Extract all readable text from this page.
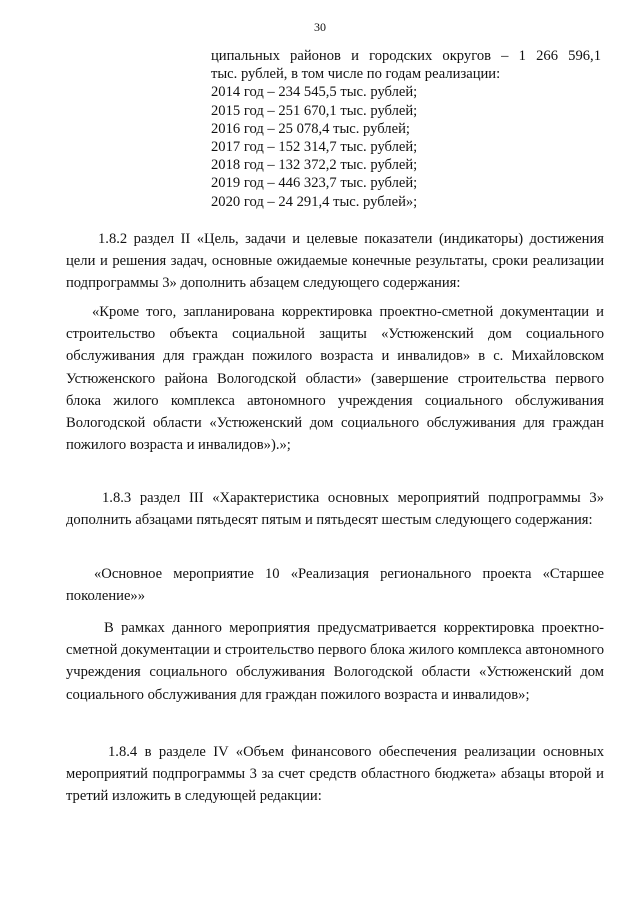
30
ципальных районов и городских округов – 1 266 596,1
тыс. рублей, в том числе по годам реализации:
2014 год – 234 545,5 тыс. рублей;
2015 год – 251 670,1 тыс. рублей;
2016 год – 25 078,4 тыс. рублей;
2017 год – 152 314,7 тыс. рублей;
2018 год – 132 372,2 тыс. рублей;
2019 год – 446 323,7 тыс. рублей;
2020 год – 24 291,4 тыс. рублей»;
1.8.2 раздел II «Цель, задачи и целевые показатели (индикаторы) достижения цели и решения задач, основные ожидаемые конечные результаты, сроки реализации подпрограммы 3» дополнить абзацем следующего содержания:
«Кроме того, запланирована корректировка проектно-сметной документации и строительство объекта социальной защиты «Устюженский дом социального обслуживания для граждан пожилого возраста и инвалидов» в с. Михайловском Устюженского района Вологодской области» (завершение строительства первого блока жилого комплекса автономного учреждения социального обслуживания Вологодской области «Устюженский дом социального обслуживания для граждан пожилого возраста и инвалидов»).»;
1.8.3 раздел III «Характеристика основных мероприятий подпрограммы 3» дополнить абзацами пятьдесят пятым и пятьдесят шестым следующего содержания:
«Основное мероприятие 10 «Реализация регионального проекта «Старшее поколение»»
В рамках данного мероприятия предусматривается корректировка проектно-сметной документации и строительство первого блока жилого комплекса автономного учреждения социального обслуживания Вологодской области «Устюженский дом социального обслуживания для граждан пожилого возраста и инвалидов»;
1.8.4 в разделе IV «Объем финансового обеспечения реализации основных мероприятий подпрограммы 3 за счет средств областного бюджета» абзацы второй и третий изложить в следующей редакции:
